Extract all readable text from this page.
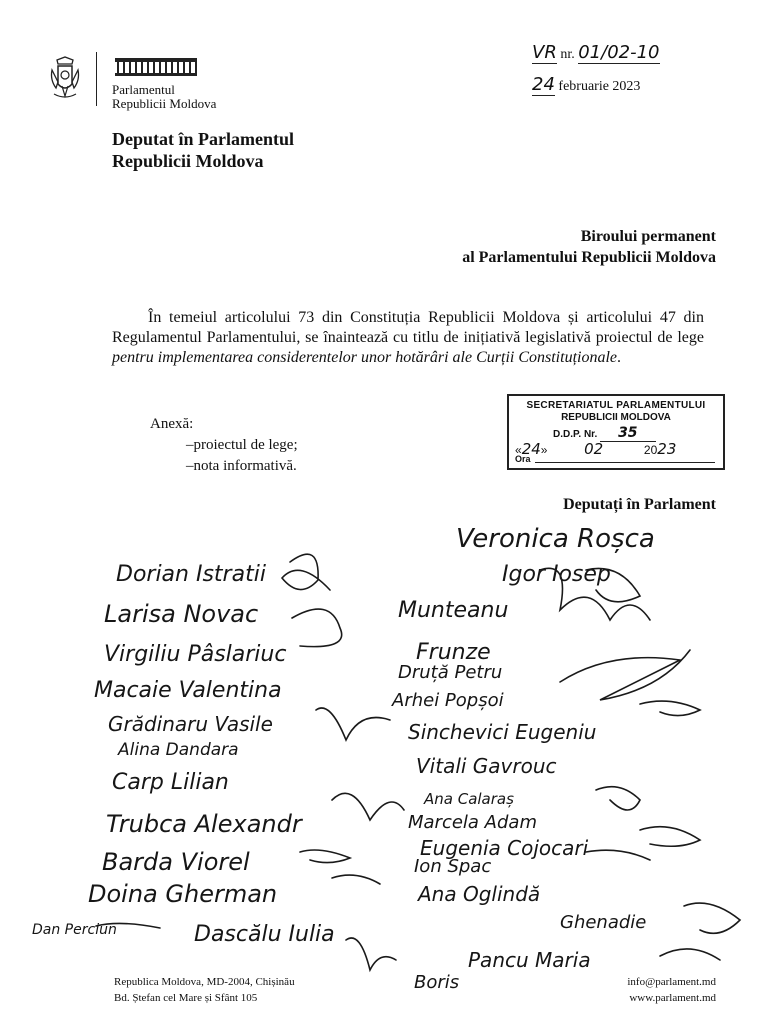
Parlamentul
Republicii Moldova
VR nr. 01/02-10
24 februarie 2023
Deputat în Parlamentul
Republicii Moldova
Biroului permanent
al Parlamentului Republicii Moldova
În temeiul articolului 73 din Constituția Republicii Moldova și articolului 47 din Regulamentul Parlamentului, se înaintează cu titlu de inițiativă legislativă proiectul de lege pentru implementarea considerentelor unor hotărâri ale Curții Constituționale.
Anexă:
–proiectul de lege;
–nota informativă.
SECRETARIATUL PARLAMENTULUI
REPUBLICII MOLDOVA
D.D.P. Nr. 35
«24»  02	2023
Ora
Deputați în Parlament
Veronica Roșca
Dorian Istratii	Igor Iosep
Larisa Novac	Munteanu
Virgiliu Pâslariuc	Frunze
Macaie Valentina
Druță Petru
Grădinaru Vasile
Arhei Popșoi
Alina Dandara
Sinchevici Eugeniu
Vitali Gavrouc
Carp Lilian
Trubca Alexandr
Ana Calaraș
Marcela Adam
Eugenia Cojocari
Barda Viorel	Ion Spac
Doina Gherman	Ana Oglindă
Dascălu Iulia	Ghenadie
Pancu Maria
Boris
Dan Perciun
Republica Moldova, MD-2004, Chișinău
Bd. Ștefan cel Mare și Sfânt 105
info@parlament.md
www.parlament.md
